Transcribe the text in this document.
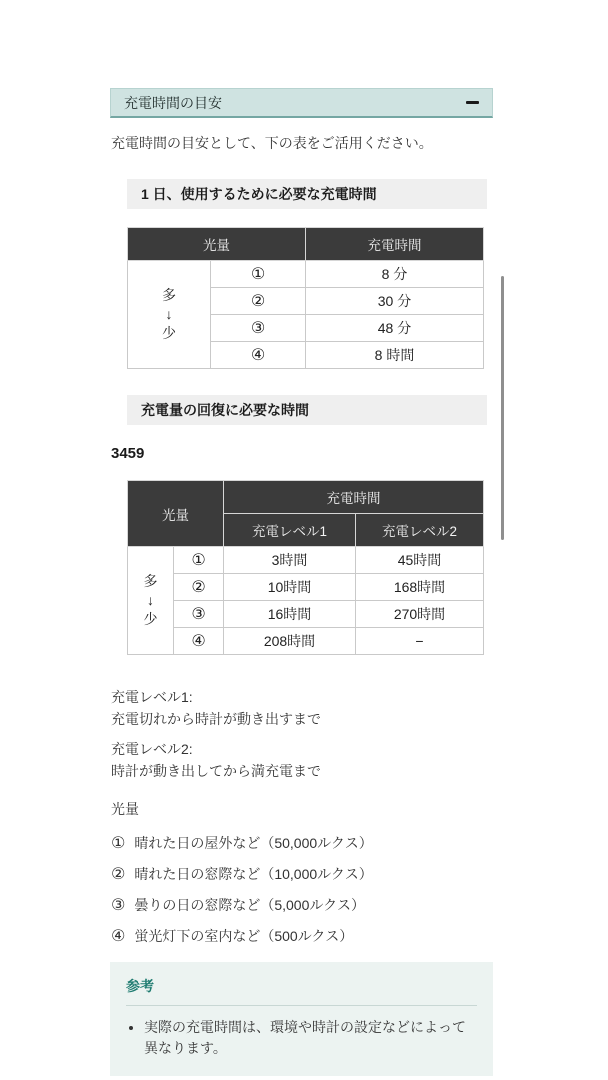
充電時間の目安

充電時間の目安として、下の表をご活用ください。

1 日、使用するために必要な充電時間
光量		充電時間

多
↓
少	①	8 分
	②	30 分
	③	48 分
	④	8 時間
充電量の回復に必要な時間

3459

光量		充電時間	
		充電レベル1	充電レベル2

多
↓
少	①	3時間	45時間
	②	10時間	168時間
	③	16時間	270時間
	④	208時間	−

充電レベル1:
充電切れから時計が動き出すまで

充電レベル2:
時計が動き出してから満充電まで

光量

① 晴れた日の屋外など（50,000ルクス）
② 晴れた日の窓際など（10,000ルクス）
③ 曇りの日の窓際など（5,000ルクス）
④ 蛍光灯下の室内など（500ルクス）
参考
• 実際の充電時間は、環境や時計の設定などによって異なります。
